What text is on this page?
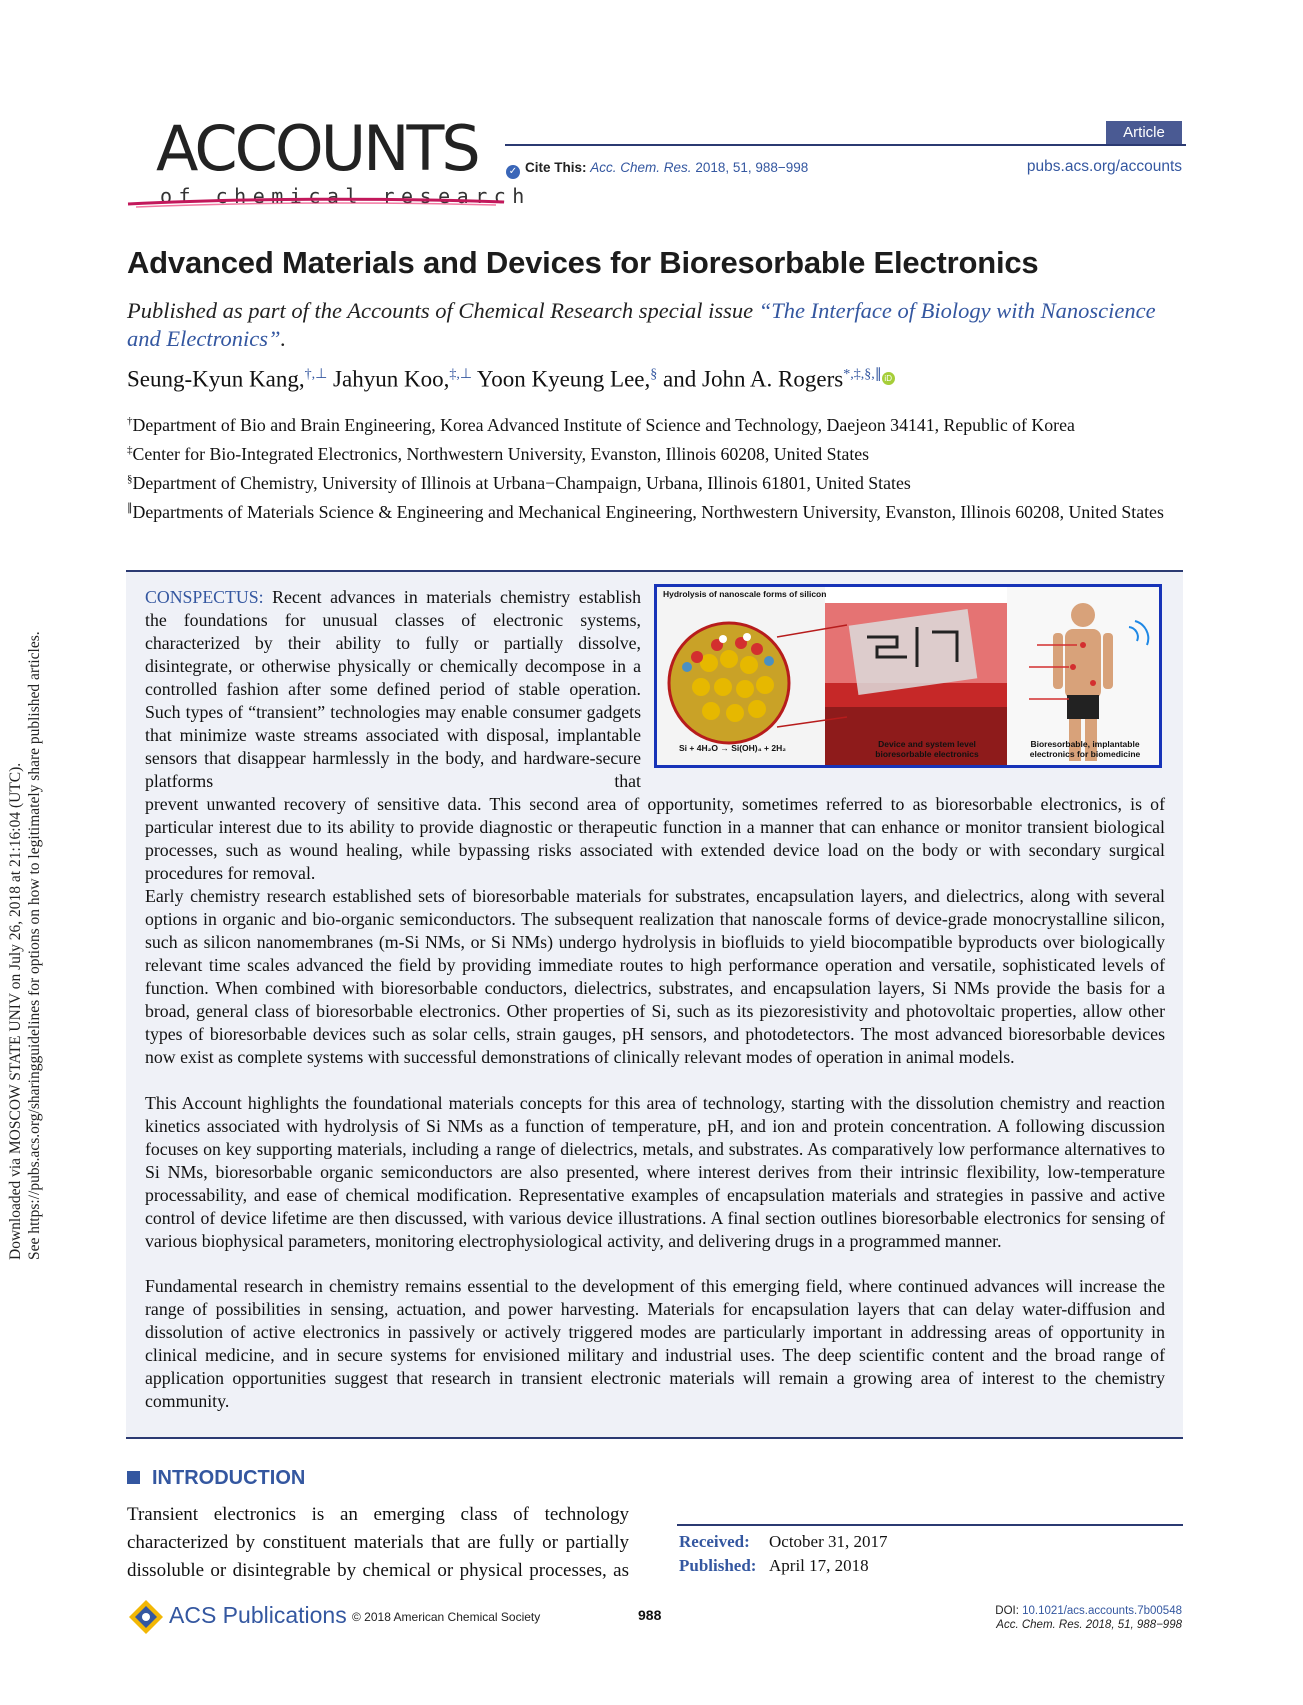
Downloaded via MOSCOW STATE UNIV on July 26, 2018 at 21:16:04 (UTC). See https://pubs.acs.org/sharingguidelines for options on how to legitimately share published articles.
ACCOUNTS
of chemical research
Article
✓ Cite This: Acc. Chem. Res. 2018, 51, 988−998	pubs.acs.org/accounts
Advanced Materials and Devices for Bioresorbable Electronics
Published as part of the Accounts of Chemical Research special issue “The Interface of Biology with Nanoscience and Electronics”.
Seung-Kyun Kang,†,⊥ Jahyun Koo,‡,⊥ Yoon Kyeung Lee,§ and John A. Rogers*,‡,§,∥ iD
†Department of Bio and Brain Engineering, Korea Advanced Institute of Science and Technology, Daejeon 34141, Republic of Korea
‡Center for Bio-Integrated Electronics, Northwestern University, Evanston, Illinois 60208, United States
§Department of Chemistry, University of Illinois at Urbana−Champaign, Urbana, Illinois 61801, United States
∥Departments of Materials Science & Engineering and Mechanical Engineering, Northwestern University, Evanston, Illinois 60208, United States
CONSPECTUS: Recent advances in materials chemistry establish the foundations for unusual classes of electronic systems, characterized by their ability to fully or partially dissolve, disintegrate, or otherwise physically or chemically decompose in a controlled fashion after some defined period of stable operation. Such types of “transient” technologies may enable consumer gadgets that minimize waste streams associated with disposal, implantable sensors that disappear harmlessly in the body, and hardware-secure platforms that
Hydrolysis of nanoscale forms of silicon
Si + 4H₂O → Si(OH)₄ + 2H₂	Device and system level bioresorbable electronics
Bioresorbable, implantable electronics for biomedicine
prevent unwanted recovery of sensitive data. This second area of opportunity, sometimes referred to as bioresorbable electronics, is of particular interest due to its ability to provide diagnostic or therapeutic function in a manner that can enhance or monitor transient biological processes, such as wound healing, while bypassing risks associated with extended device load on the body or with secondary surgical procedures for removal.
Early chemistry research established sets of bioresorbable materials for substrates, encapsulation layers, and dielectrics, along with several options in organic and bio-organic semiconductors. The subsequent realization that nanoscale forms of device-grade monocrystalline silicon, such as silicon nanomembranes (m-Si NMs, or Si NMs) undergo hydrolysis in biofluids to yield biocompatible byproducts over biologically relevant time scales advanced the field by providing immediate routes to high performance operation and versatile, sophisticated levels of function. When combined with bioresorbable conductors, dielectrics, substrates, and encapsulation layers, Si NMs provide the basis for a broad, general class of bioresorbable electronics. Other properties of Si, such as its piezoresistivity and photovoltaic properties, allow other types of bioresorbable devices such as solar cells, strain gauges, pH sensors, and photodetectors. The most advanced bioresorbable devices now exist as complete systems with successful demonstrations of clinically relevant modes of operation in animal models.
This Account highlights the foundational materials concepts for this area of technology, starting with the dissolution chemistry and reaction kinetics associated with hydrolysis of Si NMs as a function of temperature, pH, and ion and protein concentration. A following discussion focuses on key supporting materials, including a range of dielectrics, metals, and substrates. As comparatively low performance alternatives to Si NMs, bioresorbable organic semiconductors are also presented, where interest derives from their intrinsic flexibility, low-temperature processability, and ease of chemical modification. Representative examples of encapsulation materials and strategies in passive and active control of device lifetime are then discussed, with various device illustrations. A final section outlines bioresorbable electronics for sensing of various biophysical parameters, monitoring electrophysiological activity, and delivering drugs in a programmed manner.
Fundamental research in chemistry remains essential to the development of this emerging field, where continued advances will increase the range of possibilities in sensing, actuation, and power harvesting. Materials for encapsulation layers that can delay water-diffusion and dissolution of active electronics in passively or actively triggered modes are particularly important in addressing areas of opportunity in clinical medicine, and in secure systems for envisioned military and industrial uses. The deep scientific content and the broad range of application opportunities suggest that research in transient electronic materials will remain a growing area of interest to the chemistry community.
INTRODUCTION
Transient electronics is an emerging class of technology characterized by constituent materials that are fully or partially dissoluble or disintegrable by chemical or physical processes, as
Received: October 31, 2017
Published: April 17, 2018
ACS Publications © 2018 American Chemical Society	988	DOI: 10.1021/acs.accounts.7b00548
Acc. Chem. Res. 2018, 51, 988−998
